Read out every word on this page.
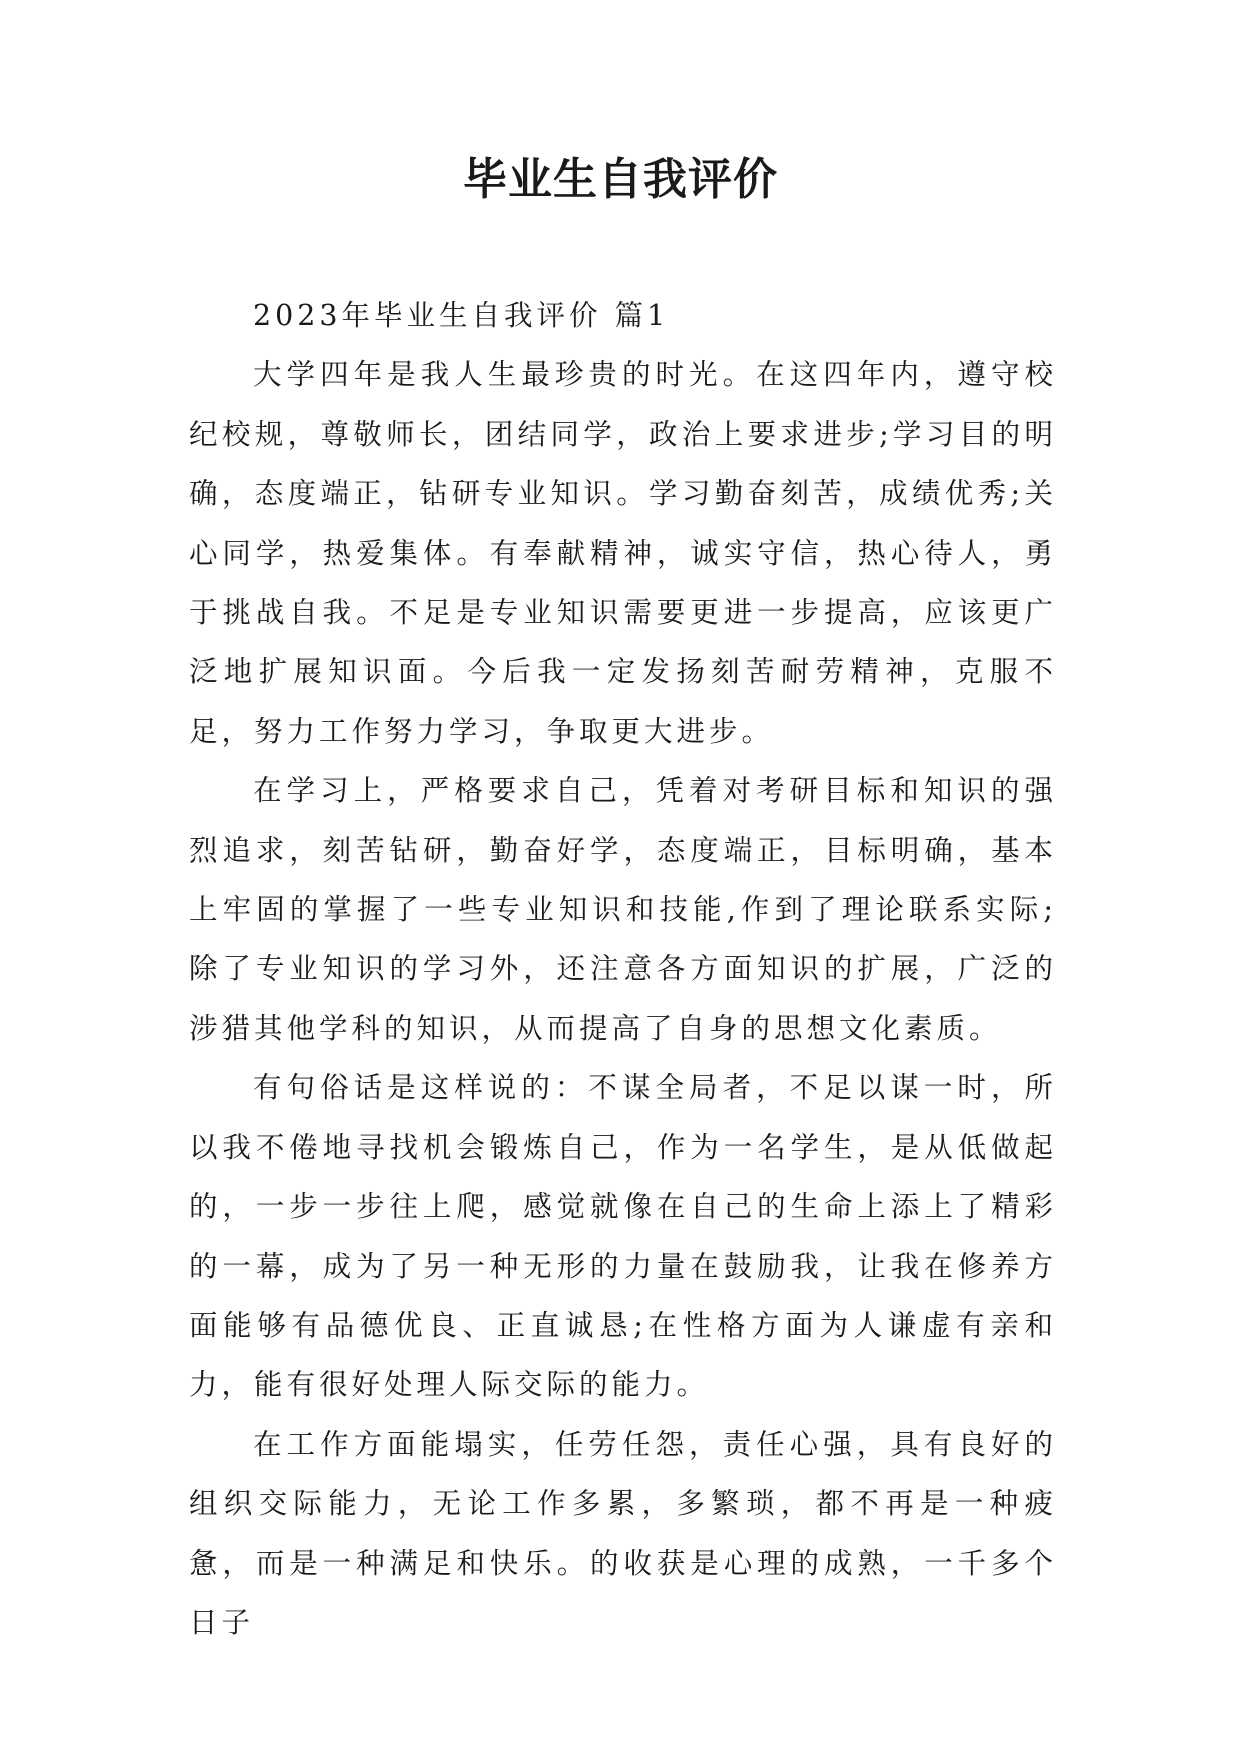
毕业生自我评价

2023年毕业生自我评价 篇1

大学四年是我人生最珍贵的时光。在这四年内，遵守校纪校规，尊敬师长，团结同学，政治上要求进步;学习目的明确，态度端正，钻研专业知识。学习勤奋刻苦，成绩优秀;关心同学，热爱集体。有奉献精神，诚实守信，热心待人，勇于挑战自我。不足是专业知识需要更进一步提高，应该更广泛地扩展知识面。今后我一定发扬刻苦耐劳精神，克服不足，努力工作努力学习，争取更大进步。

在学习上，严格要求自己，凭着对考研目标和知识的强烈追求，刻苦钻研，勤奋好学，态度端正，目标明确，基本上牢固的掌握了一些专业知识和技能,作到了理论联系实际;除了专业知识的学习外，还注意各方面知识的扩展，广泛的涉猎其他学科的知识，从而提高了自身的思想文化素质。

有句俗话是这样说的：不谋全局者，不足以谋一时，所以我不倦地寻找机会锻炼自己，作为一名学生，是从低做起的，一步一步往上爬，感觉就像在自己的生命上添上了精彩的一幕，成为了另一种无形的力量在鼓励我，让我在修养方面能够有品德优良、正直诚恳;在性格方面为人谦虚有亲和力，能有很好处理人际交际的能力。

在工作方面能塌实，任劳任怨，责任心强，具有良好的组织交际能力，无论工作多累，多繁琐，都不再是一种疲惫，而是一种满足和快乐。的收获是心理的成熟，一千多个日子
